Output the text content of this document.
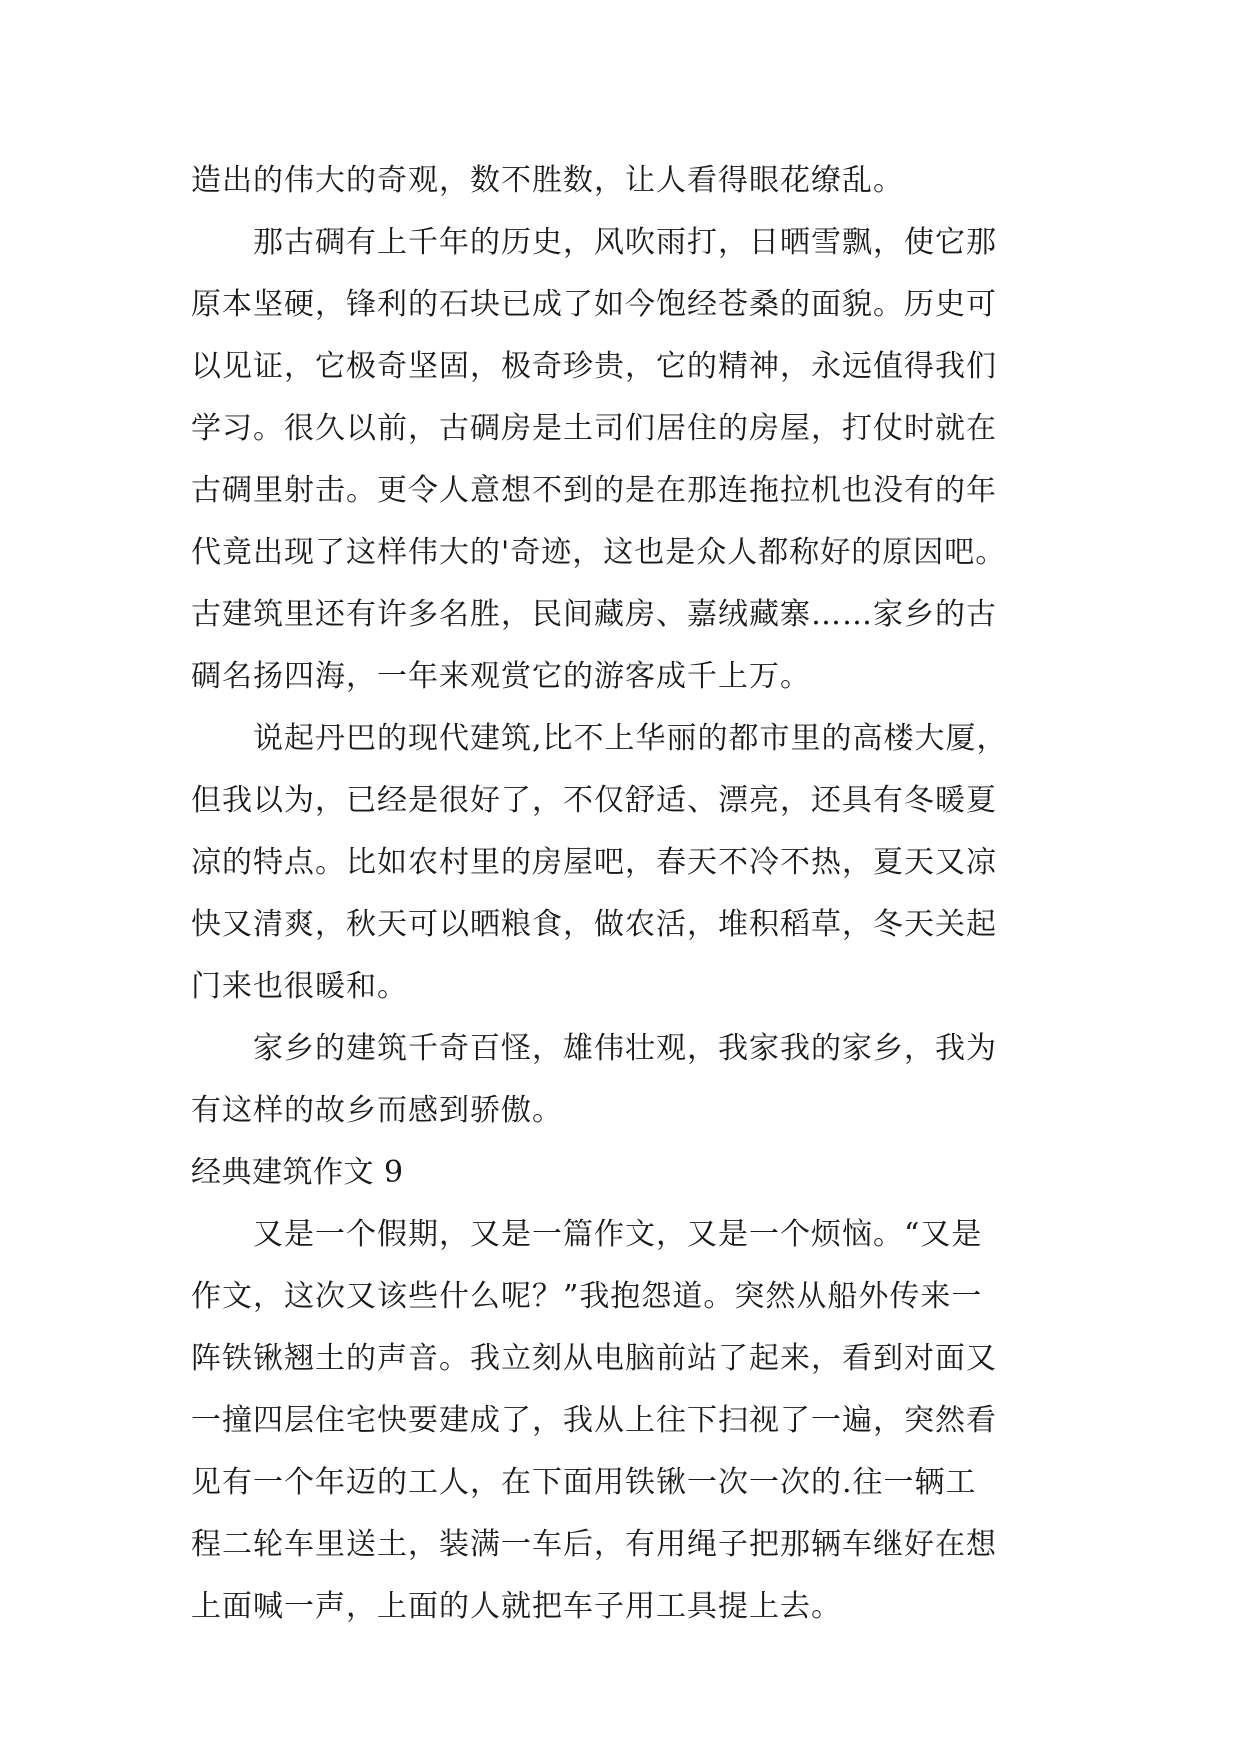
造出的伟大的奇观，数不胜数，让人看得眼花缭乱。
那古碉有上千年的历史，风吹雨打，日晒雪飘，使它那
原本坚硬，锋利的石块已成了如今饱经苍桑的面貌。历史可
以见证，它极奇坚固，极奇珍贵，它的精神，永远值得我们
学习。很久以前，古碉房是土司们居住的房屋，打仗时就在
古碉里射击。更令人意想不到的是在那连拖拉机也没有的年
代竟出现了这样伟大的'奇迹，这也是众人都称好的原因吧。
古建筑里还有许多名胜，民间藏房、嘉绒藏寨……家乡的古
碉名扬四海，一年来观赏它的游客成千上万。
说起丹巴的现代建筑,比不上华丽的都市里的高楼大厦，
但我以为，已经是很好了，不仅舒适、漂亮，还具有冬暖夏
凉的特点。比如农村里的房屋吧，春天不冷不热，夏天又凉
快又清爽，秋天可以晒粮食，做农活，堆积稻草，冬天关起
门来也很暖和。
家乡的建筑千奇百怪，雄伟壮观，我家我的家乡，我为
有这样的故乡而感到骄傲。
经典建筑作文 9
又是一个假期，又是一篇作文，又是一个烦恼。“又是
作文，这次又该些什么呢？”我抱怨道。突然从船外传来一
阵铁锹翘土的声音。我立刻从电脑前站了起来，看到对面又
一撞四层住宅快要建成了，我从上往下扫视了一遍，突然看
见有一个年迈的工人，在下面用铁锹一次一次的.往一辆工
程二轮车里送土，装满一车后，有用绳子把那辆车继好在想
上面喊一声，上面的人就把车子用工具提上去。
